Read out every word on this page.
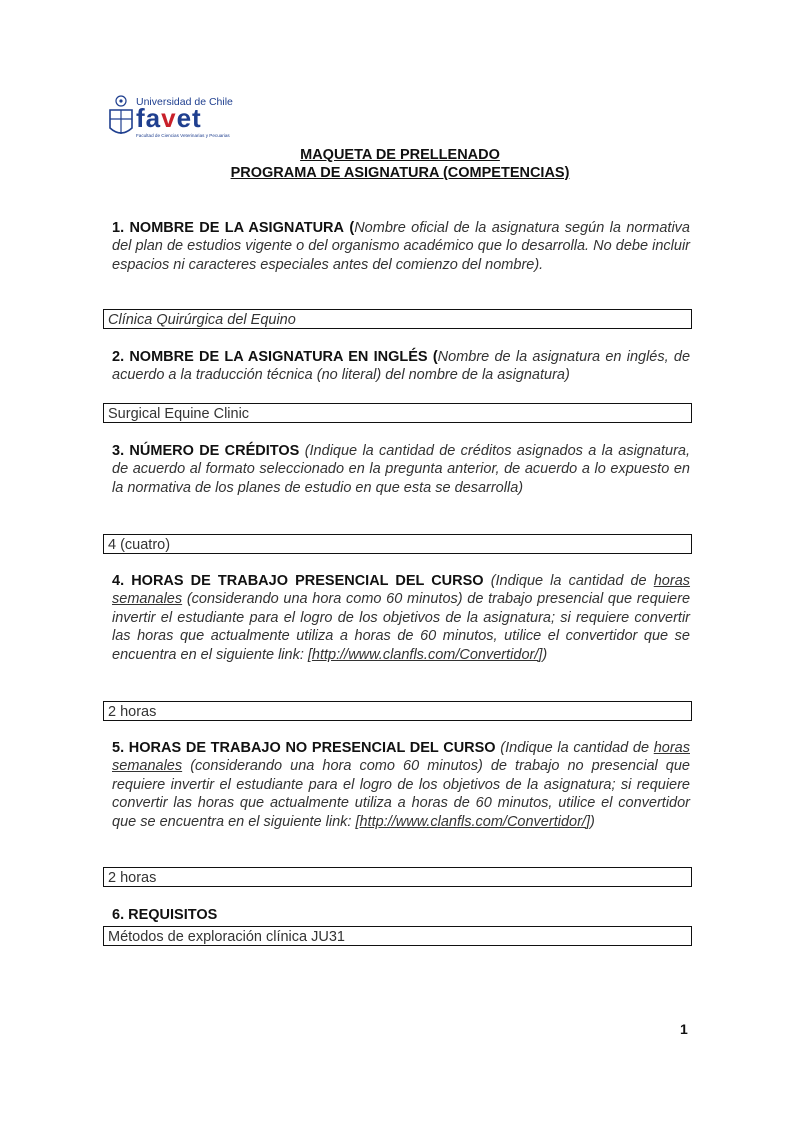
Universidad de Chile
favet
Facultad de Ciencias Veterinarias y Pecuarias
MAQUETA DE PRELLENADO
PROGRAMA DE ASIGNATURA (COMPETENCIAS)
1. NOMBRE DE LA ASIGNATURA (Nombre oficial de la asignatura según la normativa del plan de estudios vigente o del organismo académico que lo desarrolla. No debe incluir espacios ni caracteres especiales antes del comienzo del nombre).
Clínica Quirúrgica del Equino
2. NOMBRE DE LA ASIGNATURA EN INGLÉS (Nombre de la asignatura en inglés, de acuerdo a la traducción técnica (no literal) del nombre de la asignatura)
Surgical Equine Clinic
3. NÚMERO DE CRÉDITOS (Indique la cantidad de créditos asignados a la asignatura, de acuerdo al formato seleccionado en la pregunta anterior, de acuerdo a lo expuesto en la normativa de los planes de estudio en que esta se desarrolla)
4 (cuatro)
4. HORAS DE TRABAJO PRESENCIAL DEL CURSO (Indique la cantidad de horas semanales (considerando una hora como 60 minutos) de trabajo presencial que requiere invertir el estudiante para el logro de los objetivos de la asignatura; si requiere convertir las horas que actualmente utiliza a horas de 60 minutos, utilice el convertidor que se encuentra en el siguiente link: [http://www.clanfls.com/Convertidor/])
2 horas
5. HORAS DE TRABAJO NO PRESENCIAL DEL CURSO (Indique la cantidad de horas semanales (considerando una hora como 60 minutos) de trabajo no presencial que requiere invertir el estudiante para el logro de los objetivos de la asignatura; si requiere convertir las horas que actualmente utiliza a horas de 60 minutos, utilice el convertidor que se encuentra en el siguiente link: [http://www.clanfls.com/Convertidor/])
2 horas
6. REQUISITOS
Métodos de exploración clínica JU31
1
